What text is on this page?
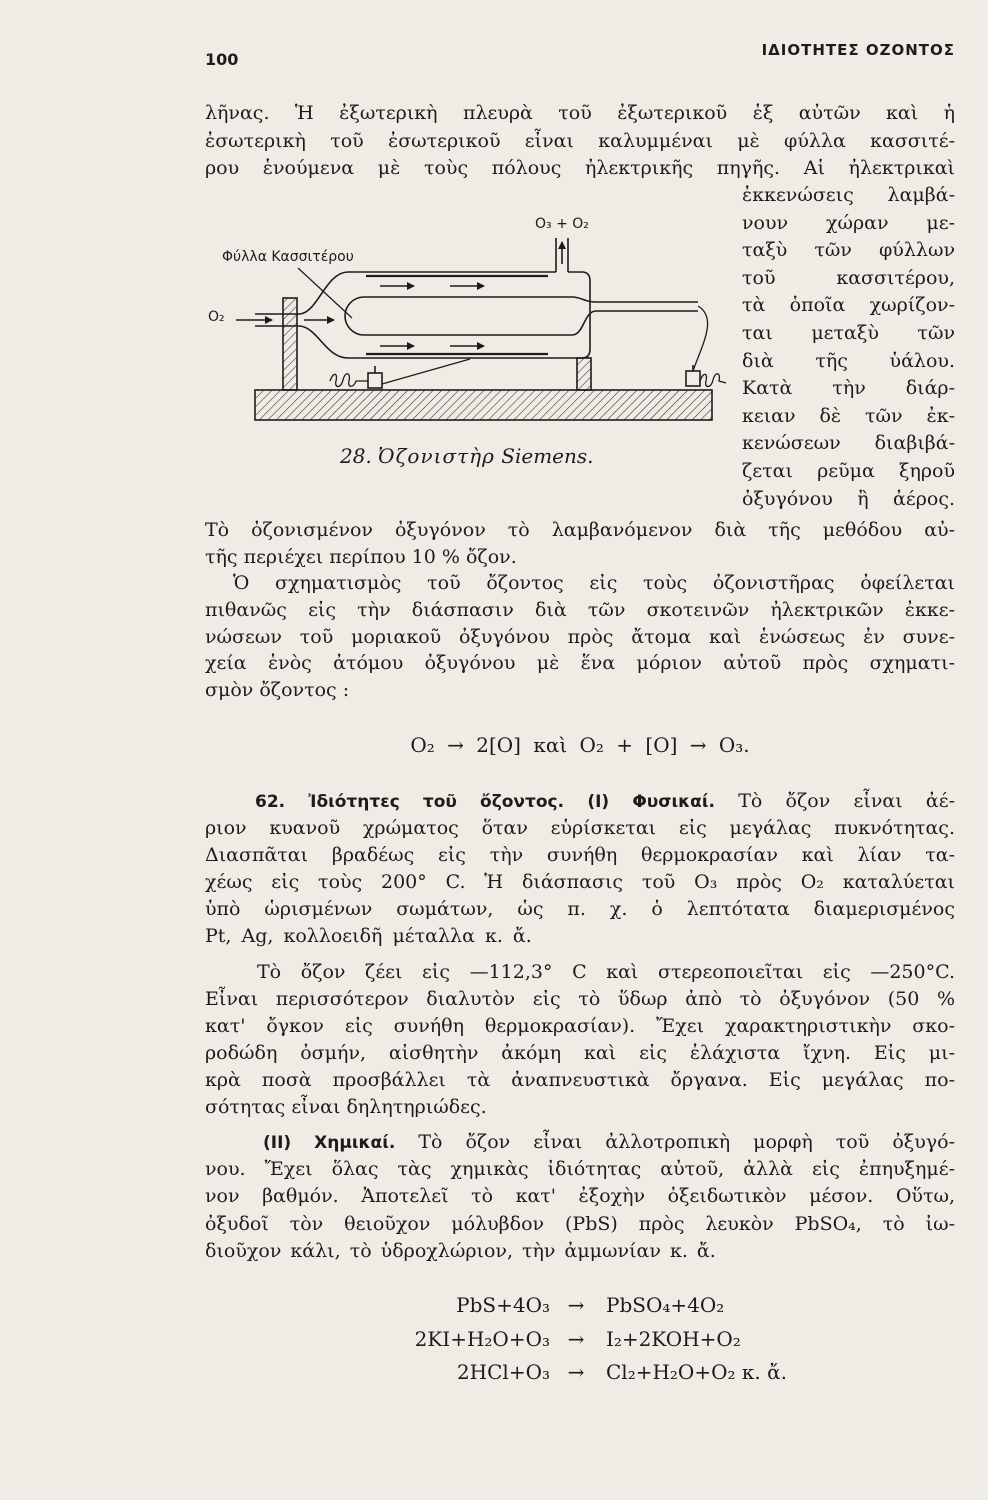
100	ΙΔΙΟΤΗΤΕΣ ΟΖΟΝΤΟΣ
λῆνας. Ἡ ἐξωτερικὴ πλευρὰ τοῦ ἐξωτερικοῦ ἐξ αὐτῶν καὶ ἡ
ἐσωτερικὴ τοῦ ἐσωτερικοῦ εἶναι καλυμμέναι μὲ φύλλα κασσιτέ-
ρου ἑνούμενα μὲ τοὺς πόλους ἠλεκτρικῆς πηγῆς. Αἱ ἠλεκτρικαὶ
ἐκκενώσεις λαμβά-
νουν χώραν με-
ταξὺ τῶν φύλλων
τοῦ κασσιτέρου,
τὰ ὁποῖα χωρίζον-
ται μεταξὺ τῶν
διὰ τῆς ὑάλου.
Κατὰ τὴν διάρ-
κειαν δὲ τῶν ἐκ-
κενώσεων διαβιβά-
ζεται ρεῦμα ξηροῦ
ὀξυγόνου ἢ ἀέρος.
O₃ + O₂
Φύλλα Κασσιτέρου
O₂
28. Ὀζονιστὴρ Siemens.
Τὸ ὀζονισμένον ὀξυγόνον τὸ λαμβανόμενον διὰ τῆς μεθόδου αὐ-
τῆς περιέχει περίπου 10 % ὄζον.
Ὁ σχηματισμὸς τοῦ ὄζοντος εἰς τοὺς ὀζονιστῆρας ὀφείλεται
πιθανῶς εἰς τὴν διάσπασιν διὰ τῶν σκοτεινῶν ἠλεκτρικῶν ἐκκε-
νώσεων τοῦ μοριακοῦ ὀξυγόνου πρὸς ἄτομα καὶ ἑνώσεως ἐν συνε-
χεία ἑνὸς ἀτόμου ὀξυγόνου μὲ ἕνα μόριον αὐτοῦ πρὸς σχηματι-
σμὸν ὄζοντος :
O₂ → 2[O] καὶ O₂ + [O] → O₃.
62. Ἰδιότητες τοῦ ὄζοντος. (I) Φυσικαί. Τὸ ὄζον εἶναι ἀέ-
ριον κυανοῦ χρώματος ὅταν εὑρίσκεται εἰς μεγάλας πυκνότητας.
Διασπᾶται βραδέως εἰς τὴν συνήθη θερμοκρασίαν καὶ λίαν τα-
χέως εἰς τοὺς 200° C. Ἡ διάσπασις τοῦ O₃ πρὸς O₂ καταλύεται
ὑπὸ ὡρισμένων σωμάτων, ὡς π. χ. ὁ λεπτότατα διαμερισμένος
Pt, Ag, κολλοειδῆ μέταλλα κ. ἄ.
Τὸ ὄζον ζέει εἰς —112,3° C καὶ στερεοποιεῖται εἰς —250°C.
Εἶναι περισσότερον διαλυτὸν εἰς τὸ ὕδωρ ἀπὸ τὸ ὀξυγόνον (50 %
κατ' ὄγκον εἰς συνήθη θερμοκρασίαν). Ἔχει χαρακτηριστικὴν σκο-
ροδώδη ὀσμήν, αἰσθητὴν ἀκόμη καὶ εἰς ἐλάχιστα ἴχνη. Εἰς μι-
κρὰ ποσὰ προσβάλλει τὰ ἀναπνευστικὰ ὄργανα. Εἰς μεγάλας πο-
σότητας εἶναι δηλητηριώδες.
(II) Χημικαί. Τὸ ὄζον εἶναι ἀλλοτροπικὴ μορφὴ τοῦ ὀξυγό-
νου. Ἔχει ὅλας τὰς χημικὰς ἰδιότητας αὐτοῦ, ἀλλὰ εἰς ἐπηυξημέ-
νον βαθμόν. Ἀποτελεῖ τὸ κατ' ἐξοχὴν ὀξειδωτικὸν μέσον. Οὕτω,
ὀξυδοῖ τὸν θειοῦχον μόλυβδον (PbS) πρὸς λευκὸν PbSO₄, τὸ ἰω-
διοῦχον κάλι, τὸ ὑδροχλώριον, τὴν ἀμμωνίαν κ. ἄ.
PbS+4O₃ →	PbSO₄+4O₂
2KI+H₂O+O₃ →	I₂+2KOH+O₂
2HCl+O₃ →	Cl₂+H₂O+O₂ κ. ἄ.
